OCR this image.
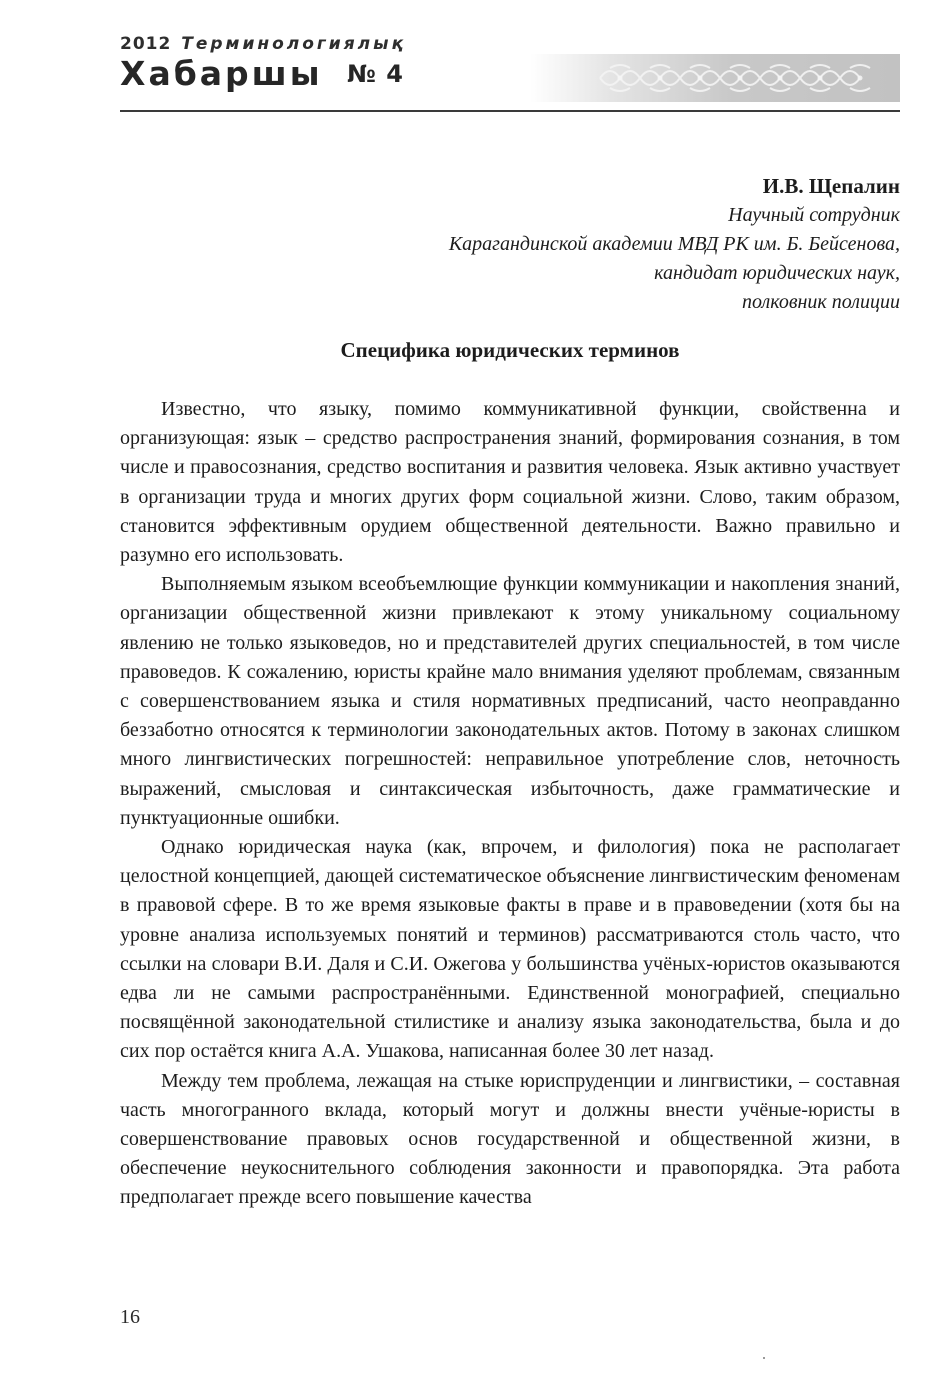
2012 Терминологиялық
Хабаршы № 4
И.В. Щепалин
Научный сотрудник
Карагандинской академии МВД РК им. Б. Бейсенова,
кандидат юридических наук,
полковник полиции
Специфика юридических терминов

Известно, что языку, помимо коммуникативной функции, свойственна и организующая: язык – средство распространения знаний, формирования сознания, в том числе и правосознания, средство воспитания и развития человека. Язык активно участвует в организации труда и многих других форм социальной жизни. Слово, таким образом, становится эффективным орудием общественной деятельности. Важно правильно и разумно его использовать.

Выполняемым языком всеобъемлющие функции коммуникации и накопления знаний, организации общественной жизни привлекают к этому уникальному социальному явлению не только языковедов, но и представителей других специальностей, в том числе правоведов. К сожалению, юристы крайне мало внимания уделяют проблемам, связанным с совершенствованием языка и стиля нормативных предписаний, часто неоправданно беззаботно относятся к терминологии законодательных актов. Потому в законах слишком много лингвистических погрешностей: неправильное употребление слов, неточность выражений, смысловая и синтаксическая избыточность, даже грамматические и пунктуационные ошибки.

Однако юридическая наука (как, впрочем, и филология) пока не располагает целостной концепцией, дающей систематическое объяснение лингвистическим феноменам в правовой сфере. В то же время языковые факты в праве и в правоведении (хотя бы на уровне анализа используемых понятий и терминов) рассматриваются столь часто, что ссылки на словари В.И. Даля и С.И. Ожегова у большинства учёных-юристов оказываются едва ли не самыми распространёнными. Единственной монографией, специально посвящённой законодательной стилистике и анализу языка законодательства, была и до сих пор остаётся книга А.А. Ушакова, написанная более 30 лет назад.

Между тем проблема, лежащая на стыке юриспруденции и лингвистики, – составная часть многогранного вклада, который могут и должны внести учёные-юристы в совершенствование правовых основ государственной и общественной жизни, в обеспечение неукоснительного соблюдения законности и правопорядка. Эта работа предполагает прежде всего повышение качества

16
